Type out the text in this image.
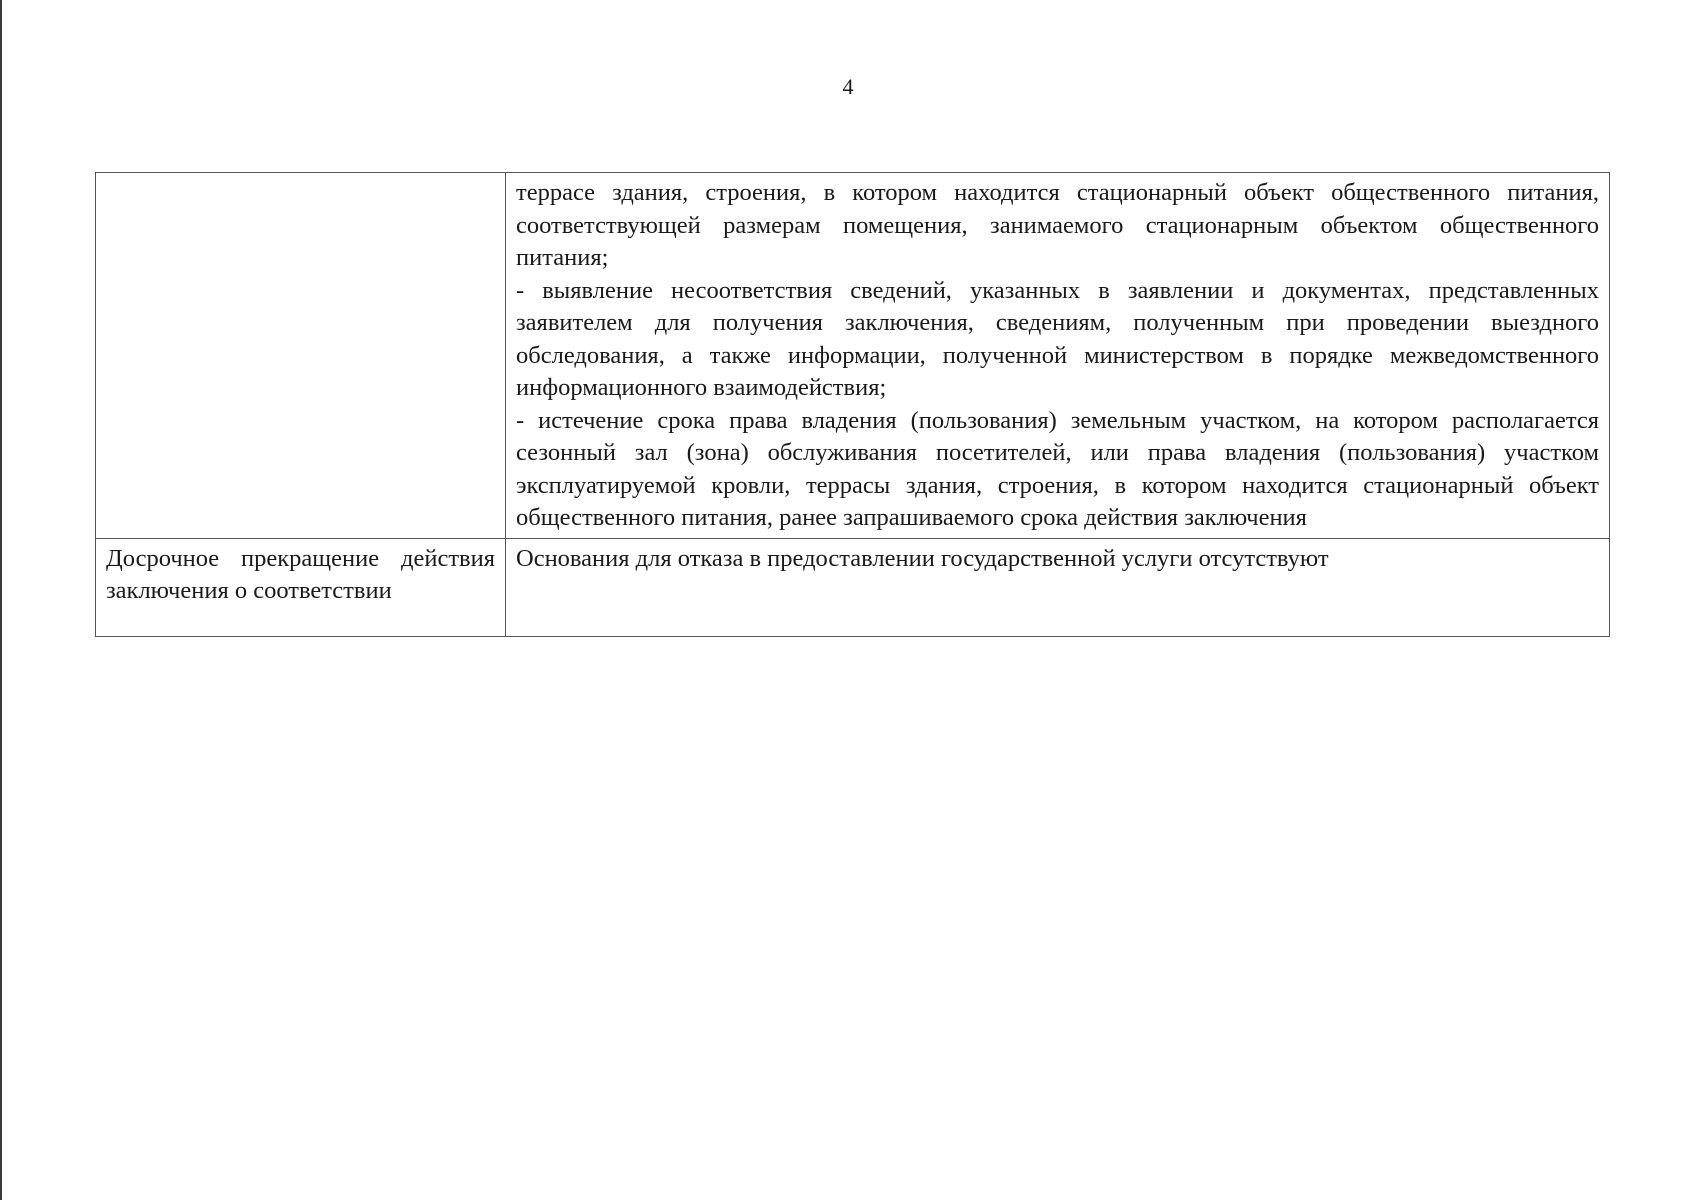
4

	террасе здания, строения, в котором находится стационарный объект общественного питания, соответствующей размерам помещения, занимаемого стационарным объектом общественного питания;
- выявление несоответствия сведений, указанных в заявлении и документах, представленных заявителем для получения заключения, сведениям, полученным при проведении выездного обследования, а также информации, полученной министерством в порядке межведомственного информационного взаимодействия;
- истечение срока права владения (пользования) земельным участком, на котором располагается сезонный зал (зона) обслуживания посетителей, или права владения (пользования) участком эксплуатируемой кровли, террасы здания, строения, в котором находится стационарный объект общественного питания, ранее запрашиваемого срока действия заключения

Досрочное прекращение действия заключения о соответствии	Основания для отказа в предоставлении государственной услуги отсутствуют
